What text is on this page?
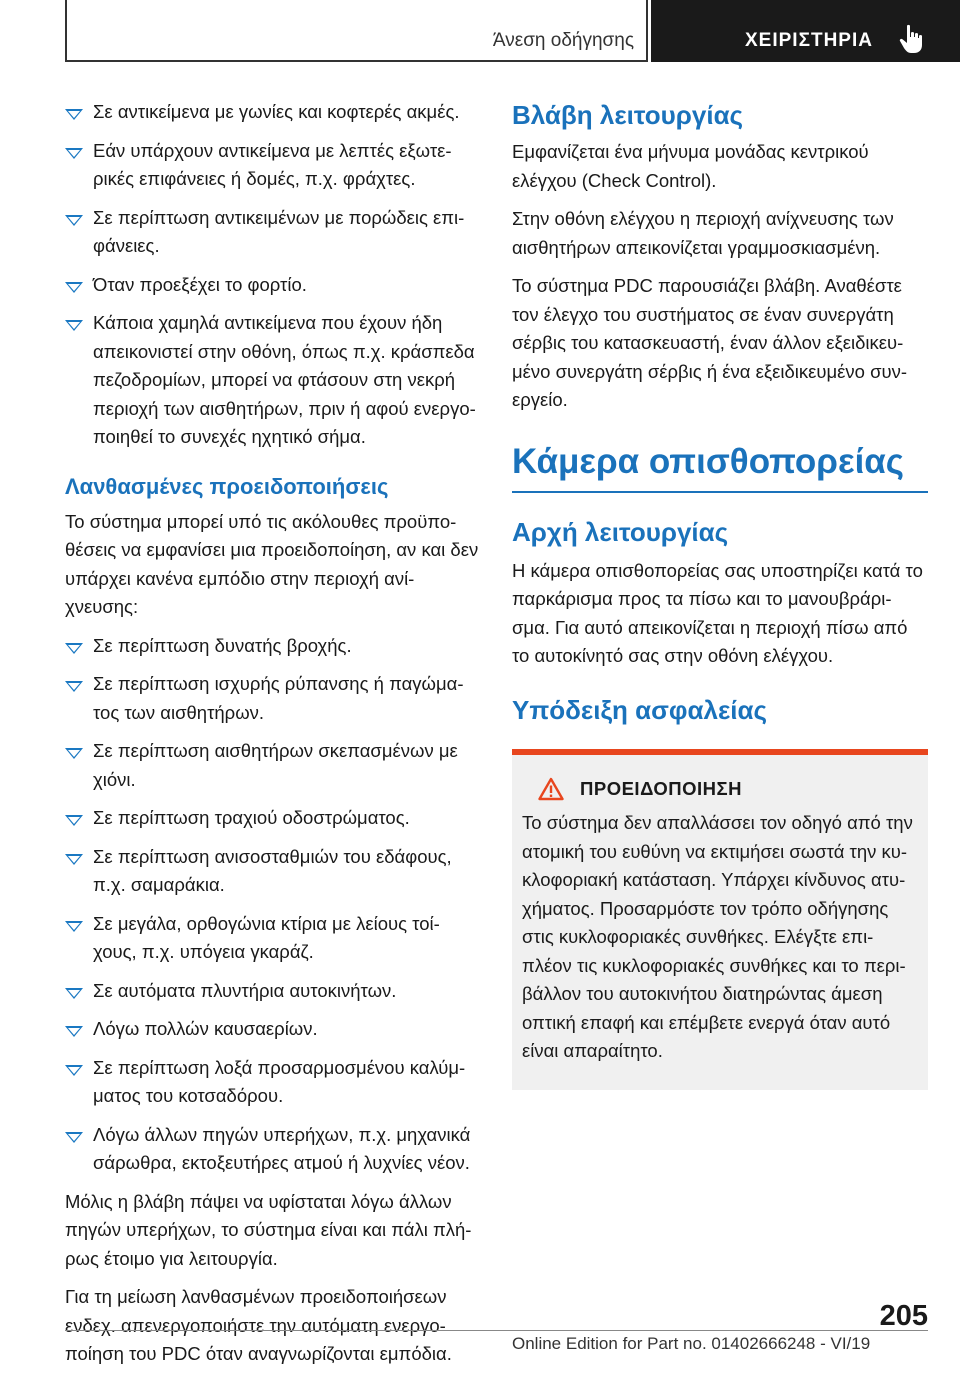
Άνεση οδήγησης	ΧΕΙΡΙΣΤΗΡΙΑ
Σε αντικείμενα με γωνίες και κοφτερές ακμές.
Εάν υπάρχουν αντικείμενα με λεπτές εξωτε-ρικές επιφάνειες ή δομές, π.χ. φράχτες.
Σε περίπτωση αντικειμένων με πορώδεις επι-φάνειες.
Όταν προεξέχει το φορτίο.
Κάποια χαμηλά αντικείμενα που έχουν ήδη απεικονιστεί στην οθόνη, όπως π.χ. κράσπεδα πεζοδρομίων, μπορεί να φτάσουν στη νεκρή περιοχή των αισθητήρων, πριν ή αφού ενεργο-ποιηθεί το συνεχές ηχητικό σήμα.
Λανθασμένες προειδοποιήσεις

Το σύστημα μπορεί υπό τις ακόλουθες προϋπο-θέσεις να εμφανίσει μια προειδοποίηση, αν και δεν υπάρχει κανένα εμπόδιο στην περιοχή ανί-χνευσης:

Σε περίπτωση δυνατής βροχής.
Σε περίπτωση ισχυρής ρύπανσης ή παγώμα-τος των αισθητήρων.
Σε περίπτωση αισθητήρων σκεπασμένων με χιόνι.
Σε περίπτωση τραχιού οδοστρώματος.
Σε περίπτωση ανισοσταθμιών του εδάφους, π.χ. σαμαράκια.
Σε μεγάλα, ορθογώνια κτίρια με λείους τοί-χους, π.χ. υπόγεια γκαράζ.
Σε αυτόματα πλυντήρια αυτοκινήτων.
Λόγω πολλών καυσαερίων.
Σε περίπτωση λοξά προσαρμοσμένου καλύμ-ματος του κοτσαδόρου.
Λόγω άλλων πηγών υπερήχων, π.χ. μηχανικά σάρωθρα, εκτοξευτήρες ατμού ή λυχνίες νέον.

Μόλις η βλάβη πάψει να υφίσταται λόγω άλλων πηγών υπερήχων, το σύστημα είναι και πάλι πλή-ρως έτοιμο για λειτουργία.

Για τη μείωση λανθασμένων προειδοποιήσεων ενδεχ. απενεργοποιήστε την αυτόματη ενεργο-ποίηση του PDC όταν αναγνωρίζονται εμπόδια.

Βλάβη λειτουργίας

Εμφανίζεται ένα μήνυμα μονάδας κεντρικού ελέγχου (Check Control).

Στην οθόνη ελέγχου η περιοχή ανίχνευσης των αισθητήρων απεικονίζεται γραμμοσκιασμένη.

Το σύστημα PDC παρουσιάζει βλάβη. Αναθέστε τον έλεγχο του συστήματος σε έναν συνεργάτη σέρβις του κατασκευαστή, έναν άλλον εξειδικευ-μένο συνεργάτη σέρβις ή ένα εξειδικευμένο συν-εργείο.

Κάμερα οπισθοπορείας
Αρχή λειτουργίας

Η κάμερα οπισθοπορείας σας υποστηρίζει κατά το παρκάρισμα προς τα πίσω και το μανουβράρι-σμα. Για αυτό απεικονίζεται η περιοχή πίσω από το αυτοκίνητό σας στην οθόνη ελέγχου.

Υπόδειξη ασφαλείας
ΠΡΟΕΙΔΟΠΟΙΗΣΗ
Το σύστημα δεν απαλλάσσει τον οδηγό από την ατομική του ευθύνη να εκτιμήσει σωστά την κυ-κλοφοριακή κατάσταση. Υπάρχει κίνδυνος ατυ-χήματος. Προσαρμόστε τον τρόπο οδήγησης στις κυκλοφοριακές συνθήκες. Ελέγξτε επι-πλέον τις κυκλοφοριακές συνθήκες και το περι-βάλλον του αυτοκινήτου διατηρώντας άμεση οπτική επαφή και επέμβετε ενεργά όταν αυτό είναι απαραίτητο.
205
Online Edition for Part no. 01402666248 - VI/19
